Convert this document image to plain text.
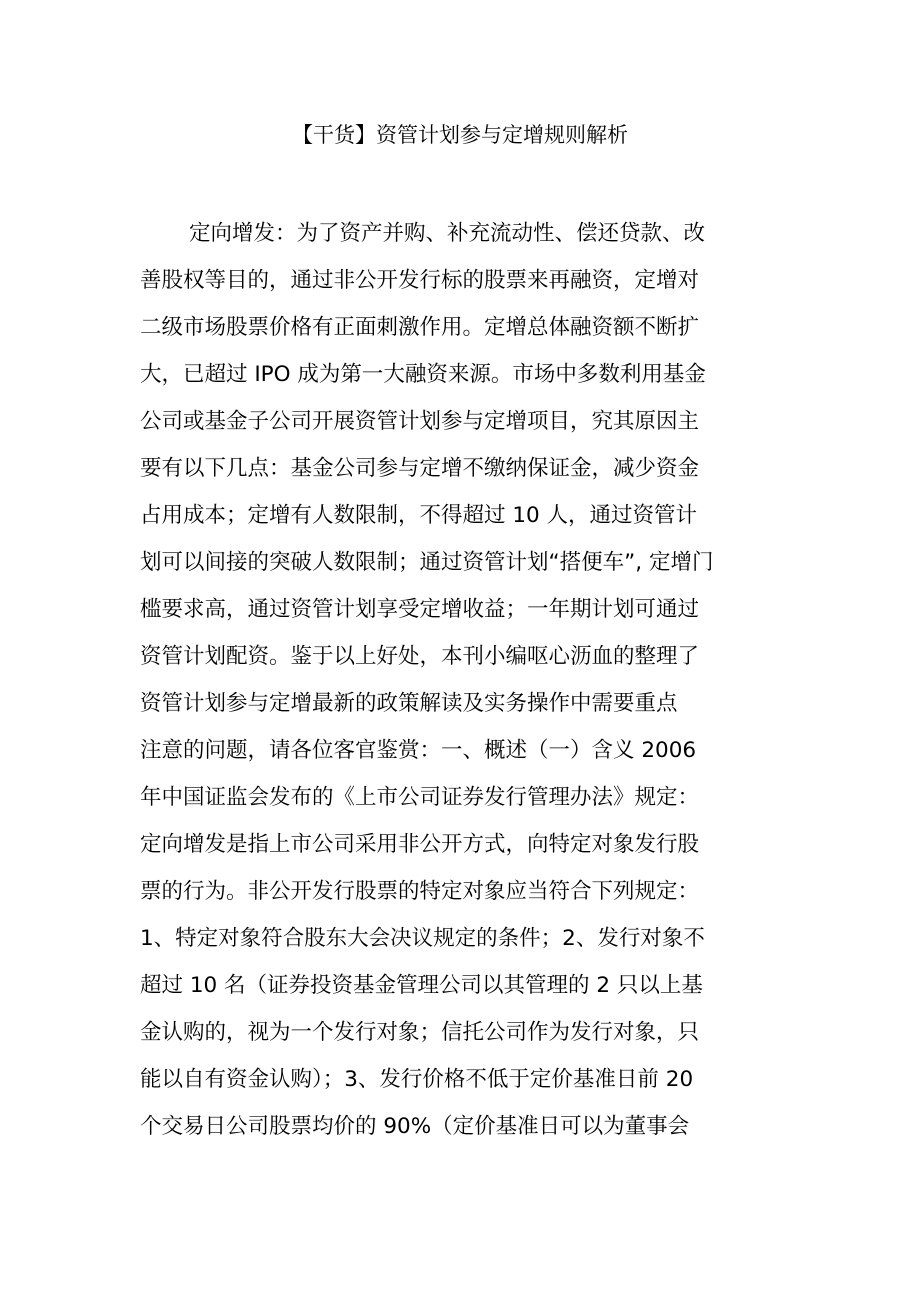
【干货】资管计划参与定增规则解析
定向增发：为了资产并购、补充流动性、偿还贷款、改
善股权等目的，通过非公开发行标的股票来再融资，定增对
二级市场股票价格有正面刺激作用。定增总体融资额不断扩
大，已超过 IPO 成为第一大融资来源。市场中多数利用基金
公司或基金子公司开展资管计划参与定增项目，究其原因主
要有以下几点：基金公司参与定增不缴纳保证金，减少资金
占用成本；定增有人数限制，不得超过 10 人，通过资管计
划可以间接的突破人数限制；通过资管计划“搭便车”, 定增门
槛要求高，通过资管计划享受定增收益；一年期计划可通过
资管计划配资。鉴于以上好处，本刊小编呕心沥血的整理了
资管计划参与定增最新的政策解读及实务操作中需要重点
注意的问题，请各位客官鉴赏：一、概述（一）含义 2006
年中国证监会发布的《上市公司证券发行管理办法》规定：
定向增发是指上市公司采用非公开方式，向特定对象发行股
票的行为。非公开发行股票的特定对象应当符合下列规定：
1、特定对象符合股东大会决议规定的条件；2、发行对象不
超过 10 名（证券投资基金管理公司以其管理的 2 只以上基
金认购的，视为一个发行对象；信托公司作为发行对象，只
能以自有资金认购）；3、发行价格不低于定价基准日前 20
个交易日公司股票均价的 90%（定价基准日可以为董事会
